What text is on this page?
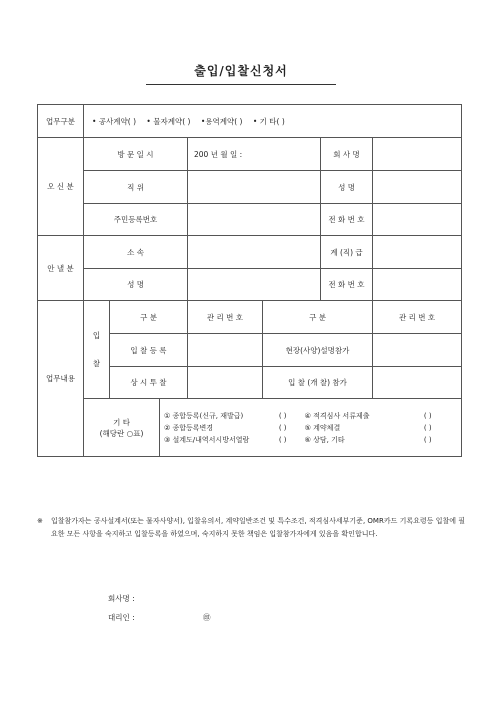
출입/입찰신청서
업무구분	• 공사계약( ) • 물자계약( ) •용역계약( ) • 기 타( )
오 신 분	방 문 일 시	200 년 월 일 :	회 사 명	
직 위		성 명	
주민등록번호		전 화 번 호	
안 낼 분	소 속		계 (직) 급	
성 명		전 화 번 호	
업무내용	
입 찰
	구 분	관 리 번 호	구 분	관 리 번 호
입 찰 등 록		현장(사양)설명참가	
상 시 투 찰		입 찰 (개 찰) 참가	

기 타
(해당란 ○표)

① 종합등록(신규, 재발급)	( )	④ 적격심사 서류제출	( )
② 종합등록변경	( )	⑤ 계약체결	( )
③ 설계도/내역서시방서열람	( )	⑥ 상담, 기타	( )
※ 입찰참가자는 공사설계서(또는 물자사양서), 입찰유의서, 계약일반조건 및 특수조건, 적격심사세부기준, OMR카드 기록요령등 입찰에 필요한 모든 사항을 숙지하고 입찰등록을 하였으며, 숙지하지 못한 책임은 입찰참가자에게 있음을 확인합니다.
회사명 :
대리인 :	㊞
